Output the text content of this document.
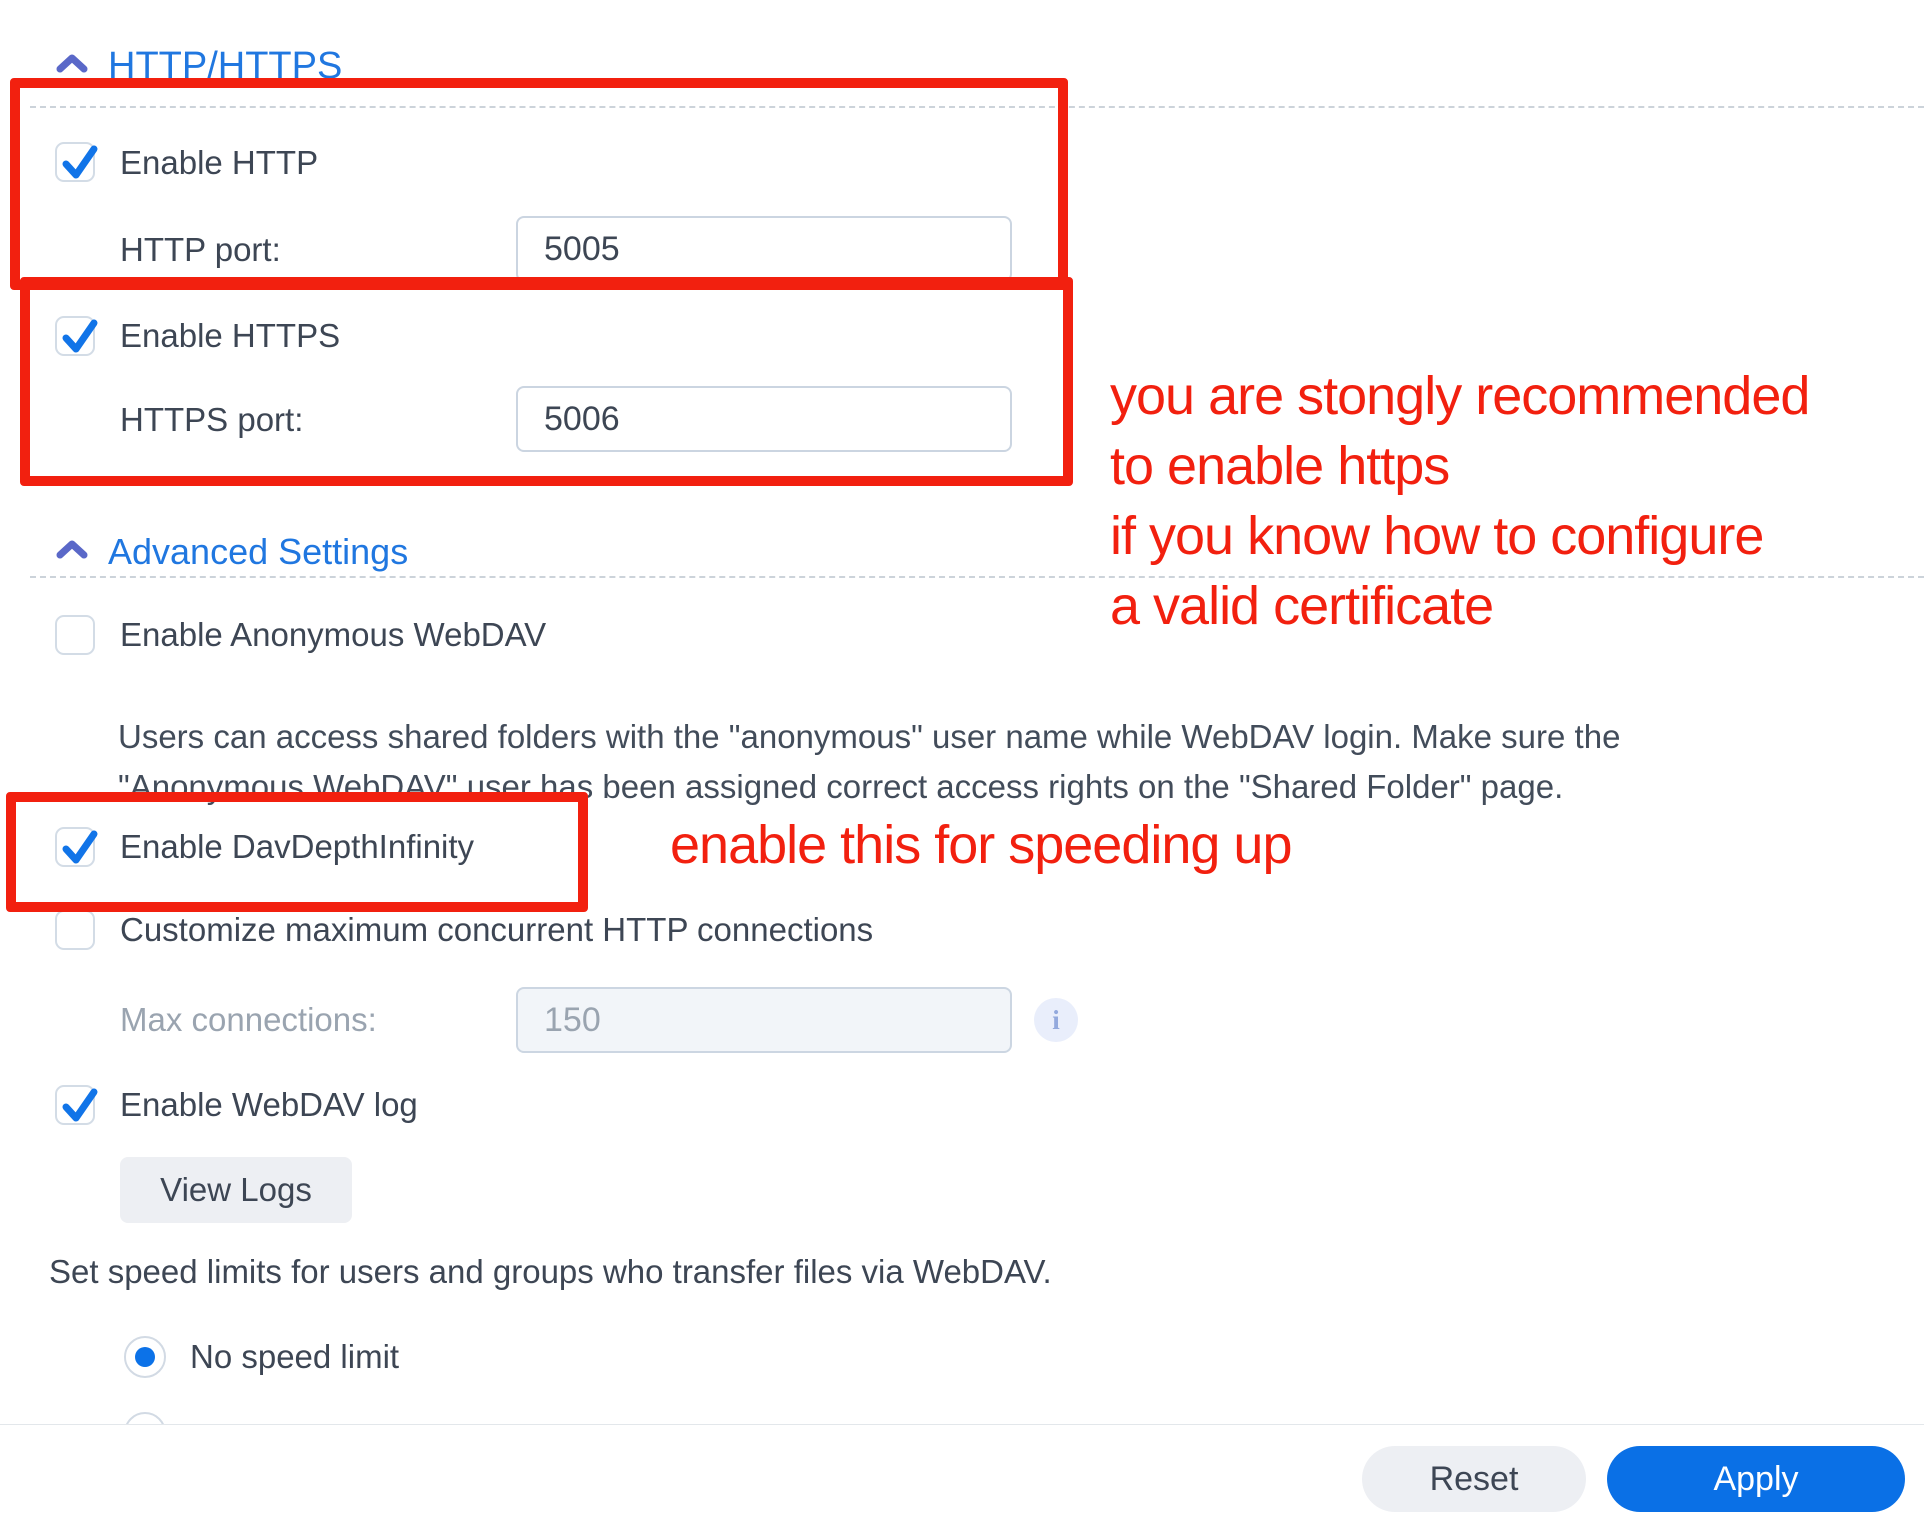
HTTP/HTTPS
Enable HTTP
HTTP port:
5005
Enable HTTPS
HTTPS port:
5006	you are stongly recommended
to enable https
if you know how to configure
a valid certificate
Advanced Settings
Enable Anonymous WebDAV
Users can access shared folders with the "anonymous" user name while WebDAV login. Make sure the
"Anonymous WebDAV" user has been assigned correct access rights on the "Shared Folder" page.
Enable DavDepthInfinity	enable this for speeding up
Customize maximum concurrent HTTP connections
Max connections:
150	i
Enable WebDAV log
View Logs
Set speed limits for users and groups who transfer files via WebDAV.
No speed limit
Reset	Apply
